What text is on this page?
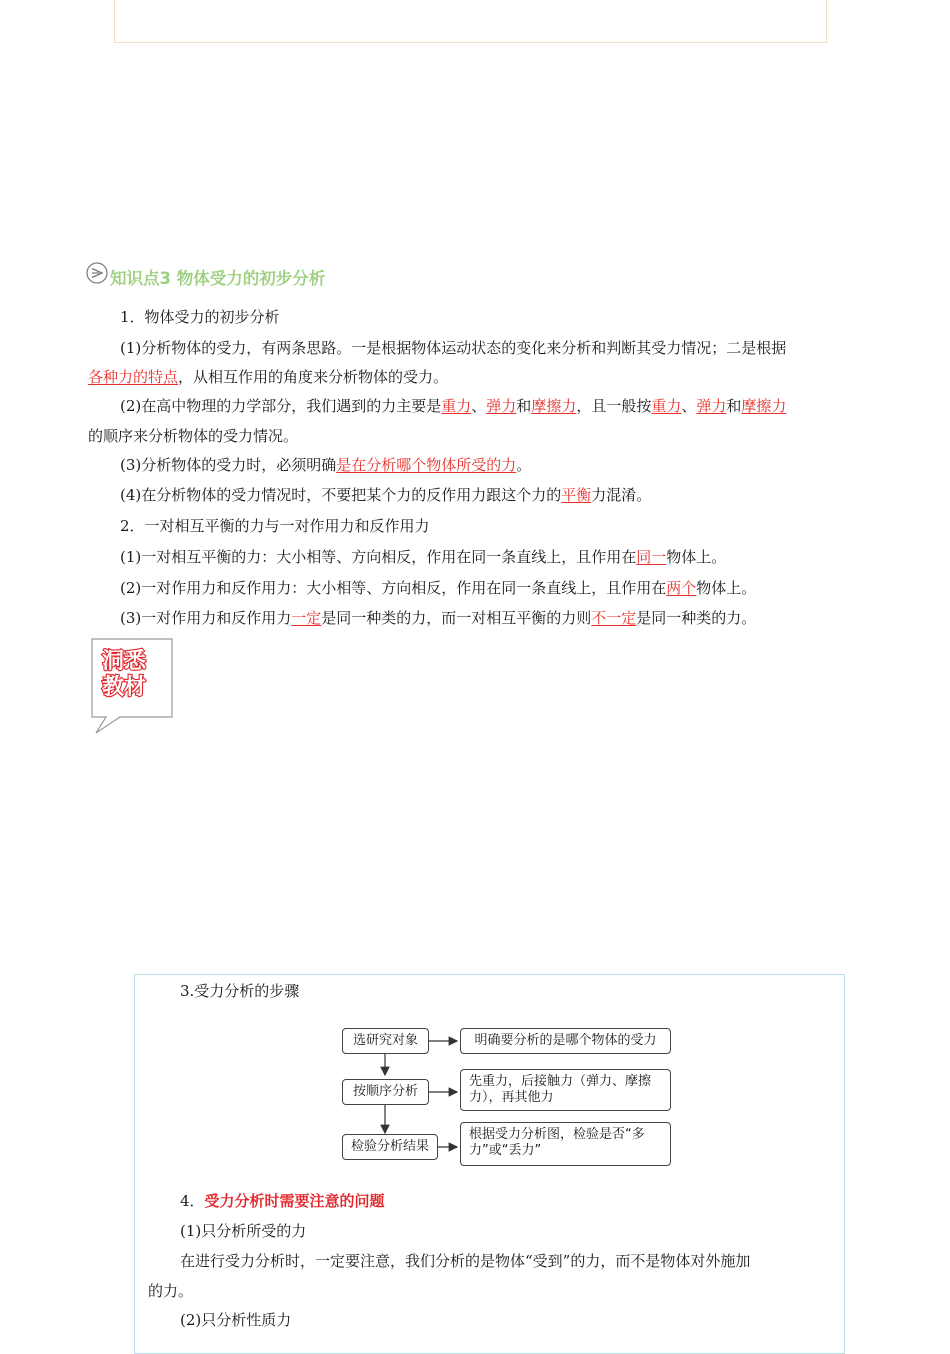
知识点3 物体受力的初步分析
1．物体受力的初步分析
(1)分析物体的受力，有两条思路。一是根据物体运动状态的变化来分析和判断其受力情况；二是根据
各种力的特点，从相互作用的角度来分析物体的受力。
(2)在高中物理的力学部分，我们遇到的力主要是重力、弹力和摩擦力，且一般按重力、弹力和摩擦力
的顺序来分析物体的受力情况。
(3)分析物体的受力时，必须明确是在分析哪个物体所受的力。
(4)在分析物体的受力情况时，不要把某个力的反作用力跟这个力的平衡力混淆。
2．一对相互平衡的力与一对作用力和反作用力
(1)一对相互平衡的力：大小相等、方向相反，作用在同一条直线上，且作用在同一物体上。
(2)一对作用力和反作用力：大小相等、方向相反，作用在同一条直线上，且作用在两个物体上。
(3)一对作用力和反作用力一定是同一种类的力，而一对相互平衡的力则不一定是同一种类的力。
洞悉
教材
3.受力分析的步骤
选研究对象
按顺序分析
检验分析结果
明确要分析的是哪个物体的受力
先重力，后接触力（弹力、摩擦力），再其他力
根据受力分析图，检验是否“多力”或“丢力”
4．受力分析时需要注意的问题
(1)只分析所受的力
在进行受力分析时，一定要注意，我们分析的是物体“受到”的力，而不是物体对外施加
的力。
(2)只分析性质力
